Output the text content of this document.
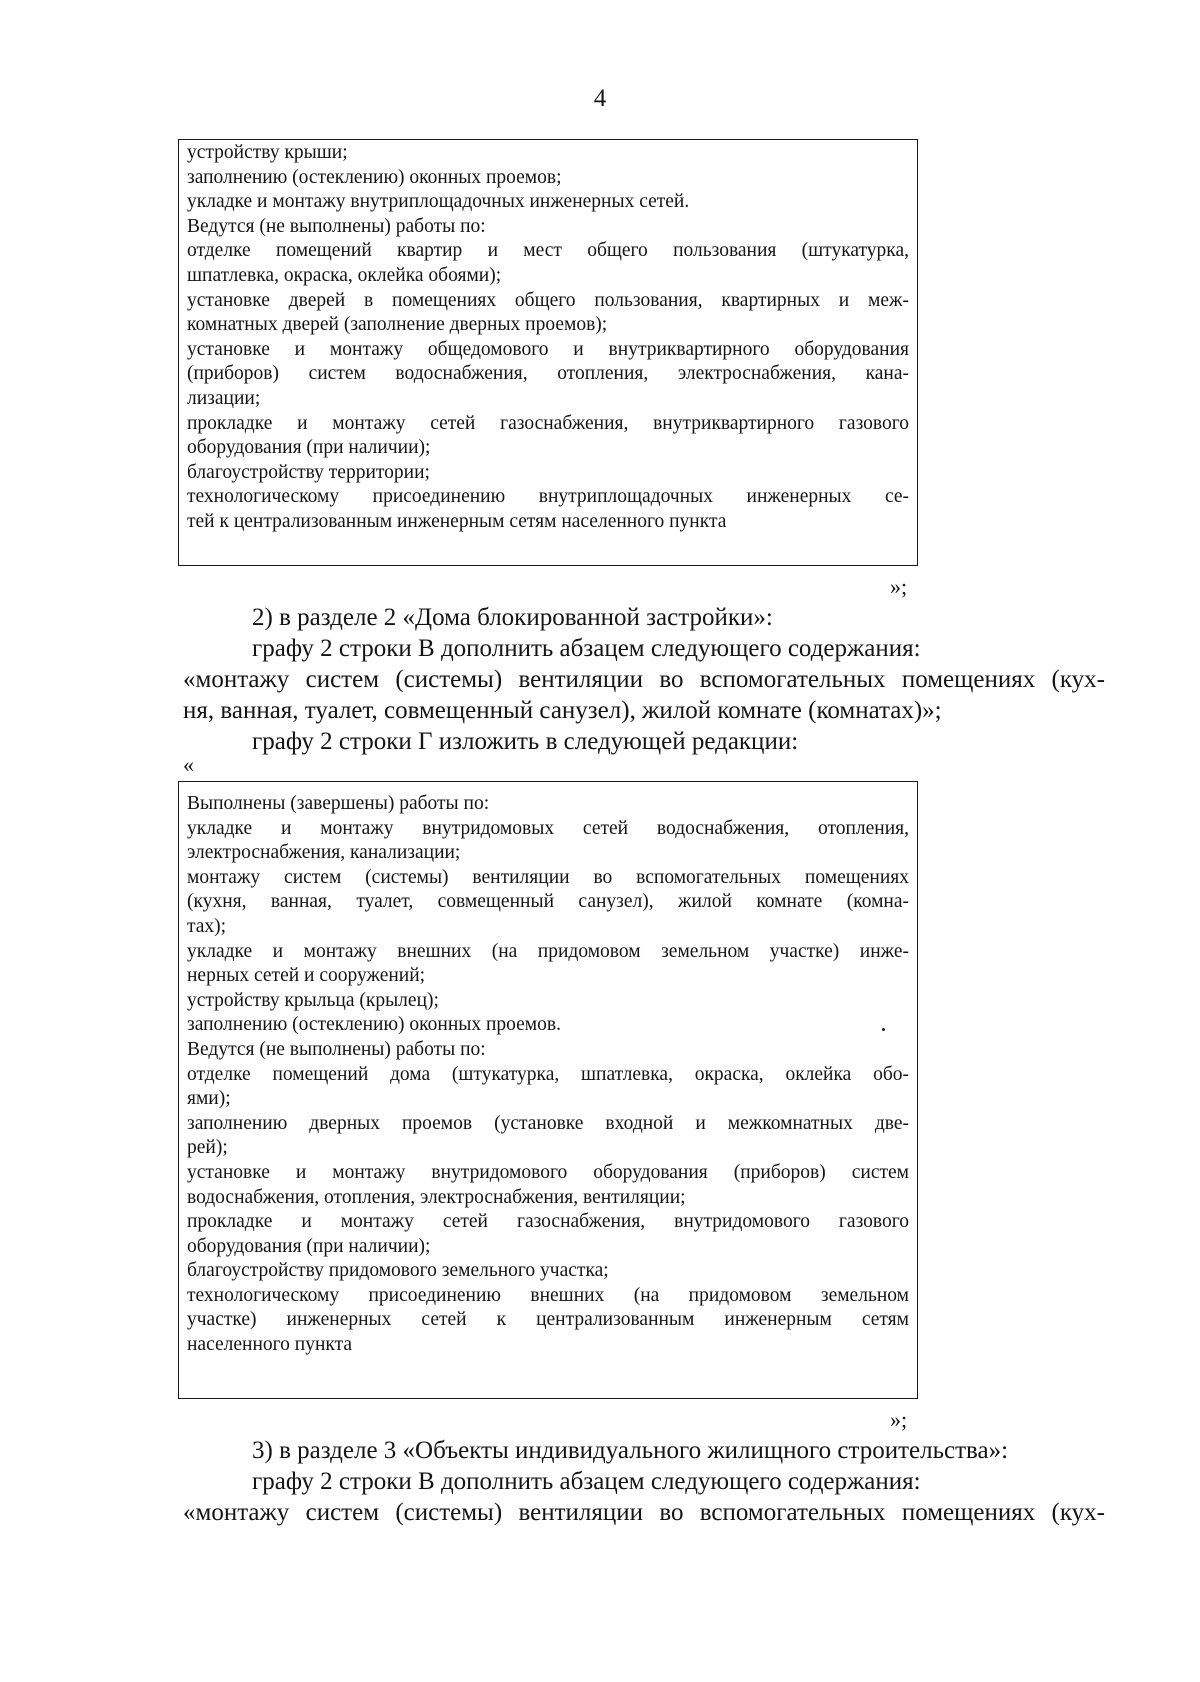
4
устройству крыши;
заполнению (остеклению) оконных проемов;
укладке и монтажу внутриплощадочных инженерных сетей.
Ведутся (не выполнены) работы по:
отделке помещений квартир и мест общего пользования (штукатурка,
шпатлевка, окраска, оклейка обоями);
установке дверей в помещениях общего пользования, квартирных и меж-
комнатных дверей (заполнение дверных проемов);
установке и монтажу общедомового и внутриквартирного оборудования
(приборов) систем водоснабжения, отопления, электроснабжения, кана-
лизации;
прокладке и монтажу сетей газоснабжения, внутриквартирного газового
оборудования (при наличии);
благоустройству территории;
технологическому присоединению внутриплощадочных инженерных се-
тей к централизованным инженерным сетям населенного пункта
»;
2) в разделе 2 «Дома блокированной застройки»:
графу 2 строки В дополнить абзацем следующего содержания:
«монтажу систем (системы) вентиляции во вспомогательных помещениях (кух-
ня, ванная, туалет, совмещенный санузел), жилой комнате (комнатах)»;
графу 2 строки Г изложить в следующей редакции:
«
Выполнены (завершены) работы по:
укладке и монтажу внутридомовых сетей водоснабжения, отопления,
электроснабжения, канализации;
монтажу систем (системы) вентиляции во вспомогательных помещениях
(кухня, ванная, туалет, совмещенный санузел), жилой комнате (комна-
тах);
укладке и монтажу внешних (на придомовом земельном участке) инже-
нерных сетей и сооружений;
устройству крыльца (крылец);
заполнению (остеклению) оконных проемов.
Ведутся (не выполнены) работы по:
отделке помещений дома (штукатурка, шпатлевка, окраска, оклейка обо-
ями);
заполнению дверных проемов (установке входной и межкомнатных две-
рей);
установке и монтажу внутридомового оборудования (приборов) систем
водоснабжения, отопления, электроснабжения, вентиляции;
прокладке и монтажу сетей газоснабжения, внутридомового газового
оборудования (при наличии);
благоустройству придомового земельного участка;
технологическому присоединению внешних (на придомовом земельном
участке) инженерных сетей к централизованным инженерным сетям
населенного пункта
»;
3) в разделе 3 «Объекты индивидуального жилищного строительства»:
графу 2 строки В дополнить абзацем следующего содержания:
«монтажу систем (системы) вентиляции во вспомогательных помещениях (кух-
